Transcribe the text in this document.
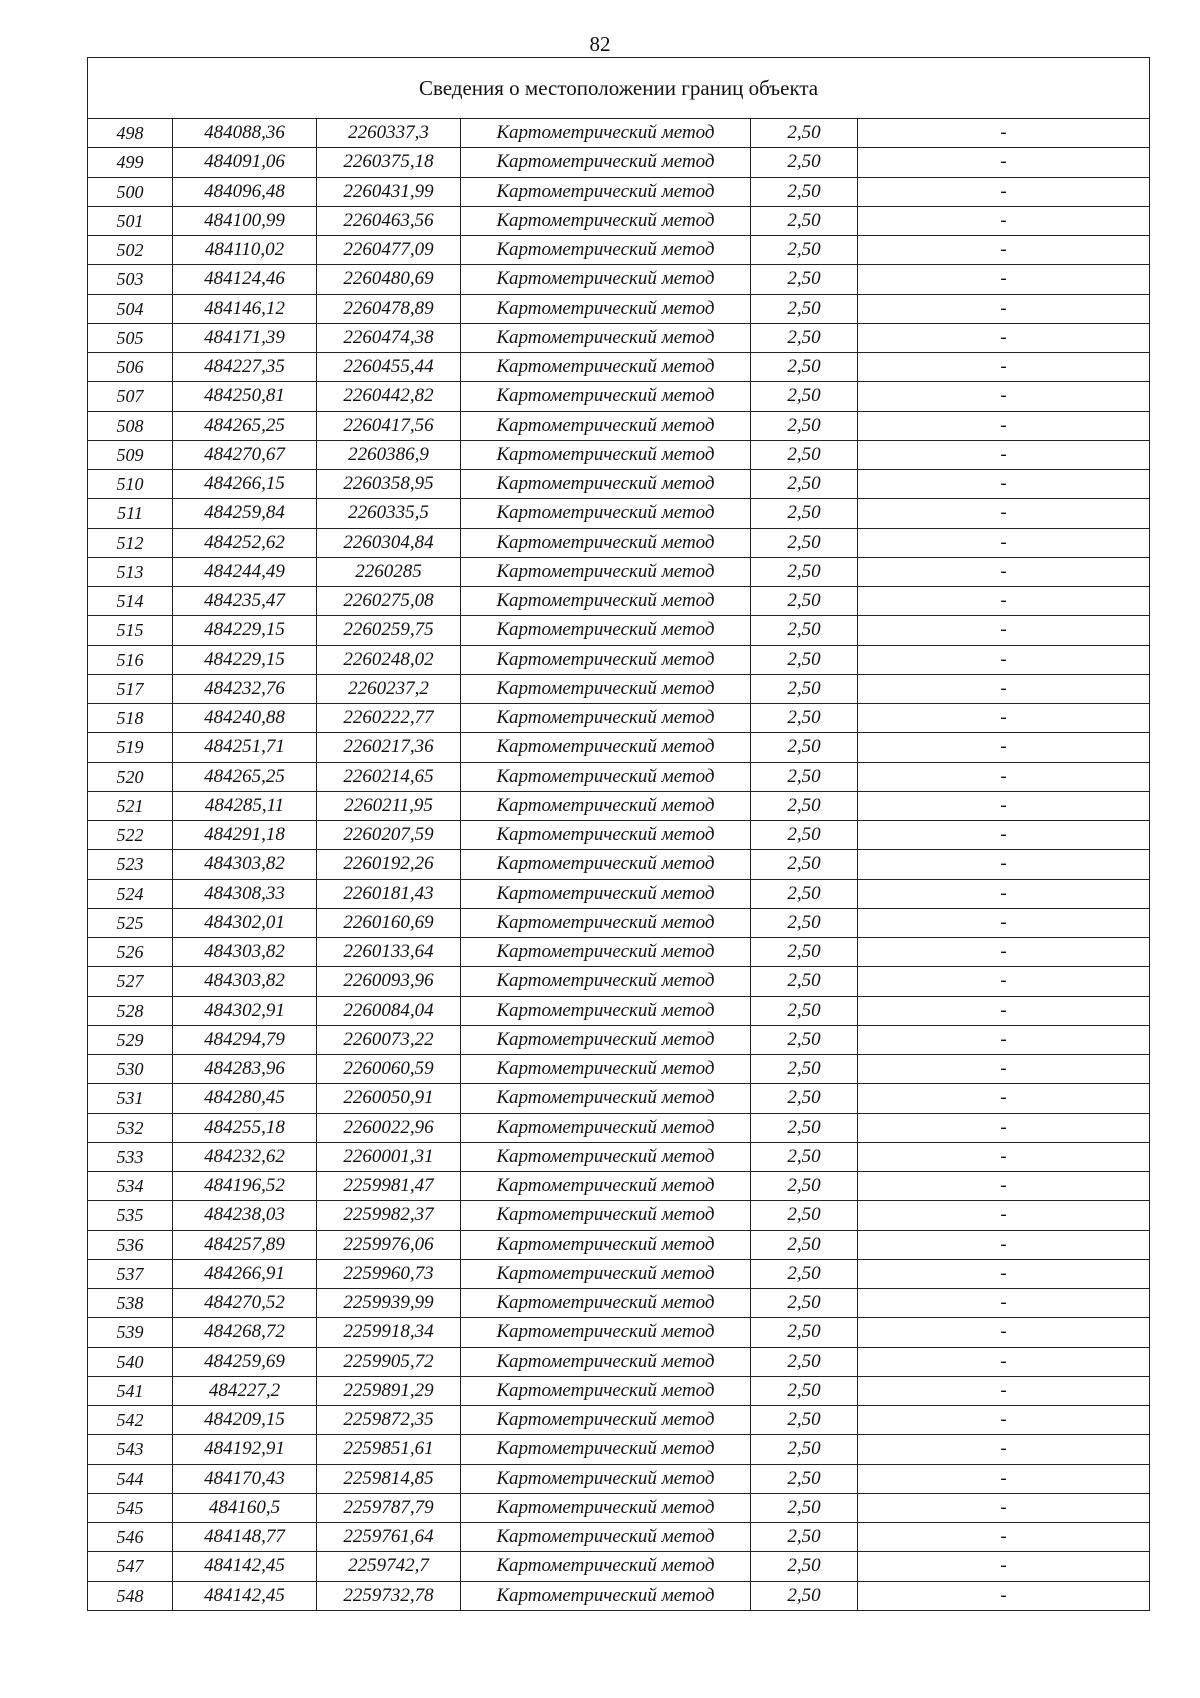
82
Сведения о местоположении границ объекта					
498	484088,36	2260337,3	Картометрический метод	2,50	-
499	484091,06	2260375,18	Картометрический метод	2,50	-
500	484096,48	2260431,99	Картометрический метод	2,50	-
501	484100,99	2260463,56	Картометрический метод	2,50	-
502	484110,02	2260477,09	Картометрический метод	2,50	-
503	484124,46	2260480,69	Картометрический метод	2,50	-
504	484146,12	2260478,89	Картометрический метод	2,50	-
505	484171,39	2260474,38	Картометрический метод	2,50	-
506	484227,35	2260455,44	Картометрический метод	2,50	-
507	484250,81	2260442,82	Картометрический метод	2,50	-
508	484265,25	2260417,56	Картометрический метод	2,50	-
509	484270,67	2260386,9	Картометрический метод	2,50	-
510	484266,15	2260358,95	Картометрический метод	2,50	-
511	484259,84	2260335,5	Картометрический метод	2,50	-
512	484252,62	2260304,84	Картометрический метод	2,50	-
513	484244,49	2260285	Картометрический метод	2,50	-
514	484235,47	2260275,08	Картометрический метод	2,50	-
515	484229,15	2260259,75	Картометрический метод	2,50	-
516	484229,15	2260248,02	Картометрический метод	2,50	-
517	484232,76	2260237,2	Картометрический метод	2,50	-
518	484240,88	2260222,77	Картометрический метод	2,50	-
519	484251,71	2260217,36	Картометрический метод	2,50	-
520	484265,25	2260214,65	Картометрический метод	2,50	-
521	484285,11	2260211,95	Картометрический метод	2,50	-
522	484291,18	2260207,59	Картометрический метод	2,50	-
523	484303,82	2260192,26	Картометрический метод	2,50	-
524	484308,33	2260181,43	Картометрический метод	2,50	-
525	484302,01	2260160,69	Картометрический метод	2,50	-
526	484303,82	2260133,64	Картометрический метод	2,50	-
527	484303,82	2260093,96	Картометрический метод	2,50	-
528	484302,91	2260084,04	Картометрический метод	2,50	-
529	484294,79	2260073,22	Картометрический метод	2,50	-
530	484283,96	2260060,59	Картометрический метод	2,50	-
531	484280,45	2260050,91	Картометрический метод	2,50	-
532	484255,18	2260022,96	Картометрический метод	2,50	-
533	484232,62	2260001,31	Картометрический метод	2,50	-
534	484196,52	2259981,47	Картометрический метод	2,50	-
535	484238,03	2259982,37	Картометрический метод	2,50	-
536	484257,89	2259976,06	Картометрический метод	2,50	-
537	484266,91	2259960,73	Картометрический метод	2,50	-
538	484270,52	2259939,99	Картометрический метод	2,50	-
539	484268,72	2259918,34	Картометрический метод	2,50	-
540	484259,69	2259905,72	Картометрический метод	2,50	-
541	484227,2	2259891,29	Картометрический метод	2,50	-
542	484209,15	2259872,35	Картометрический метод	2,50	-
543	484192,91	2259851,61	Картометрический метод	2,50	-
544	484170,43	2259814,85	Картометрический метод	2,50	-
545	484160,5	2259787,79	Картометрический метод	2,50	-
546	484148,77	2259761,64	Картометрический метод	2,50	-
547	484142,45	2259742,7	Картометрический метод	2,50	-
548	484142,45	2259732,78	Картометрический метод	2,50	-
